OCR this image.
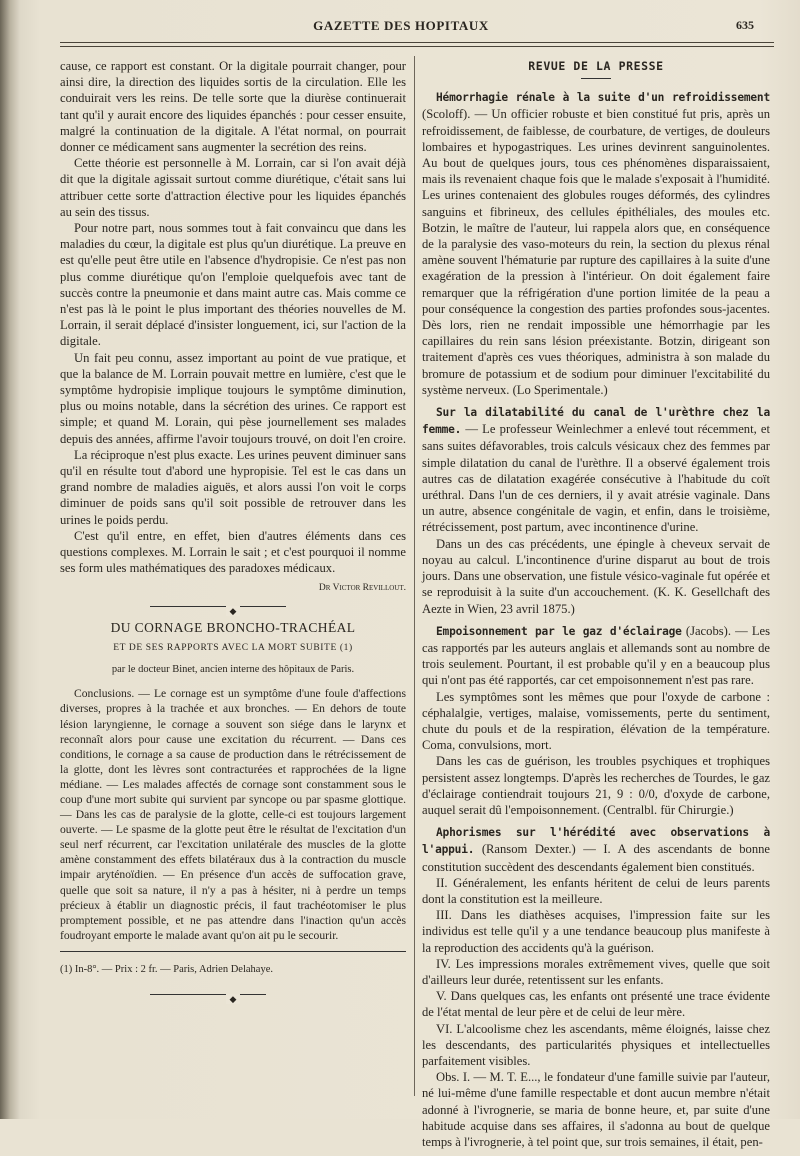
GAZETTE DES HOPITAUX	635

cause, ce rapport est constant. Or la digitale pourrait changer, pour ainsi dire, la direction des liquides sortis de la circulation. Elle les conduirait vers les reins. De telle sorte que la diurèse continuerait tant qu'il y aurait encore des liquides épanchés : pour cesser ensuite, malgré la continuation de la digitale. A l'état normal, on pourrait donner ce médicament sans augmenter la secrétion des reins.

Cette théorie est personnelle à M. Lorrain, car si l'on avait déjà dit que la digitale agissait surtout comme diurétique, c'était sans lui attribuer cette sorte d'attraction élective pour les liquides épanchés au sein des tissus.

Pour notre part, nous sommes tout à fait convaincu que dans les maladies du cœur, la digitale est plus qu'un diurétique. La preuve en est qu'elle peut être utile en l'absence d'hydropisie. Ce n'est pas non plus comme diurétique qu'on l'emploie quelquefois avec tant de succès contre la pneumonie et dans maint autre cas. Mais comme ce n'est pas là le point le plus important des théories nouvelles de M. Lorrain, il serait déplacé d'insister longuement, ici, sur l'action de la digitale.

Un fait peu connu, assez important au point de vue pratique, et que la balance de M. Lorrain pouvait mettre en lumière, c'est que le symptôme hydropisie implique toujours le symptôme diminution, plus ou moins notable, dans la sécrétion des urines. Ce rapport est simple; et quand M. Lorain, qui pèse journellement ses malades depuis des années, affirme l'avoir toujours trouvé, on doit l'en croire.

La réciproque n'est plus exacte. Les urines peuvent diminuer sans qu'il en résulte tout d'abord une hypropisie. Tel est le cas dans un grand nombre de maladies aiguës, et alors aussi l'on voit le corps diminuer de poids sans qu'il soit possible de retrouver dans les urines le poids perdu.

C'est qu'il entre, en effet, bien d'autres éléments dans ces questions complexes. M. Lorrain le sait ; et c'est pourquoi il nomme ses form ules mathématiques des paradoxes médicaux.

Dr Victor Revillout.
◆
DU CORNAGE BRONCHO-TRACHÉAL
ET DE SES RAPPORTS AVEC LA MORT SUBITE (1)
par le docteur Binet, ancien interne des hôpitaux de Paris.

Conclusions. — Le cornage est un symptôme d'une foule d'affections diverses, propres à la trachée et aux bronches. — En dehors de toute lésion laryngienne, le cornage a souvent son siége dans le larynx et reconnaît alors pour cause une excitation du récurrent. — Dans ces conditions, le cornage a sa cause de production dans le rétrécissement de la glotte, dont les lèvres sont contracturées et rapprochées de la ligne médiane. — Les malades affectés de cornage sont constamment sous le coup d'une mort subite qui survient par syncope ou par spasme glottique. — Dans les cas de paralysie de la glotte, celle-ci est toujours largement ouverte. — Le spasme de la glotte peut être le résultat de l'excitation d'un seul nerf récurrent, car l'excitation unilatérale des muscles de la glotte amène constamment des effets bilatéraux dus à la contraction du muscle impair aryténoïdien. — En présence d'un accès de suffocation grave, quelle que soit sa nature, il n'y a pas à hésiter, ni à perdre un temps précieux à établir un diagnostic précis, il faut trachéotomiser le plus promptement possible, et ne pas attendre dans l'inaction qu'un accès foudroyant emporte le malade avant qu'on ait pu le secourir.

(1) In-8°. — Prix : 2 fr. — Paris, Adrien Delahaye.

◆
REVUE DE LA PRESSE

Hémorrhagie rénale à la suite d'un refroidissement (Scoloff). — Un officier robuste et bien constitué fut pris, après un refroidissement, de faiblesse, de courbature, de vertiges, de douleurs lombaires et hypogastriques. Les urines devinrent sanguinolentes. Au bout de quelques jours, tous ces phénomènes disparaissaient, mais ils revenaient chaque fois que le malade s'exposait à l'humidité. Les urines contenaient des globules rouges déformés, des cylindres sanguins et fibrineux, des cellules épithéliales, des moules etc. Botzin, le maître de l'auteur, lui rappela alors que, en conséquence de la paralysie des vaso-moteurs du rein, la section du plexus rénal amène souvent l'hématurie par rupture des capillaires à la suite d'une exagération de la pression à l'intérieur. On doit également faire remarquer que la réfrigération d'une portion limitée de la peau a pour conséquence la congestion des parties profondes sous-jacentes. Dès lors, rien ne rendait impossible une hémorrhagie par les capillaires du rein sans lésion préexistante. Botzin, dirigeant son traitement d'après ces vues théoriques, administra à son malade du bromure de potassium et de sodium pour diminuer l'excitabilité du système nerveux. (Lo Sperimentale.)

Sur la dilatabilité du canal de l'urèthre chez la femme. — Le professeur Weinlechmer a enlevé tout récemment, et sans suites défavorables, trois calculs vésicaux chez des femmes par simple dilatation du canal de l'urèthre. Il a observé également trois autres cas de dilatation exagérée consécutive à l'habitude du coït uréthral. Dans l'un de ces derniers, il y avait atrésie vaginale. Dans un autre, absence congénitale de vagin, et enfin, dans le troisième, rétrécissement, post partum, avec incontinence d'urine.

Dans un des cas précédents, une épingle à cheveux servait de noyau au calcul. L'incontinence d'urine disparut au bout de trois jours. Dans une observation, une fistule vésico-vaginale fut opérée et se reproduisit à la suite d'un accouchement. (K. K. Gesellchaft des Aezte in Wien, 23 avril 1875.)

Empoisonnement par le gaz d'éclairage (Jacobs). — Les cas rapportés par les auteurs anglais et allemands sont au nombre de trois seulement. Pourtant, il est probable qu'il y en a beaucoup plus qui n'ont pas été rapportés, car cet empoisonnement n'est pas rare.

Les symptômes sont les mêmes que pour l'oxyde de carbone : céphalalgie, vertiges, malaise, vomissements, perte du sentiment, chute du pouls et de la respiration, élévation de la température. Coma, convulsions, mort.

Dans les cas de guérison, les troubles psychiques et trophiques persistent assez longtemps. D'après les recherches de Tourdes, le gaz d'éclairage contiendrait toujours 21, 9 : 0/0, d'oxyde de carbone, auquel serait dû l'empoisonnement. (Centralbl. für Chirurgie.)

Aphorismes sur l'hérédité avec observations à l'appui. (Ransom Dexter.) — I. A des ascendants de bonne constitution succèdent des descendants également bien constitués.

II. Généralement, les enfants héritent de celui de leurs parents dont la constitution est la meilleure.

III. Dans les diathèses acquises, l'impression faite sur les individus est telle qu'il y a une tendance beaucoup plus manifeste à la reproduction des accidents qu'à la guérison.

IV. Les impressions morales extrêmement vives, quelle que soit d'ailleurs leur durée, retentissent sur les enfants.

V. Dans quelques cas, les enfants ont présenté une trace évidente de l'état mental de leur père et de celui de leur mère.

VI. L'alcoolisme chez les ascendants, même éloignés, laisse chez les descendants, des particularités physiques et intellectuelles parfaitement visibles.

Obs. I. — M. T. E..., le fondateur d'une famille suivie par l'auteur, né lui-même d'une famille respectable et dont aucun membre n'était adonné à l'ivrognerie, se maria de bonne heure, et, par suite d'une habitude acquise dans ses affaires, il s'adonna au bout de quelque temps à l'ivrognerie, à tel point que, sur trois semaines, il était, pen-
